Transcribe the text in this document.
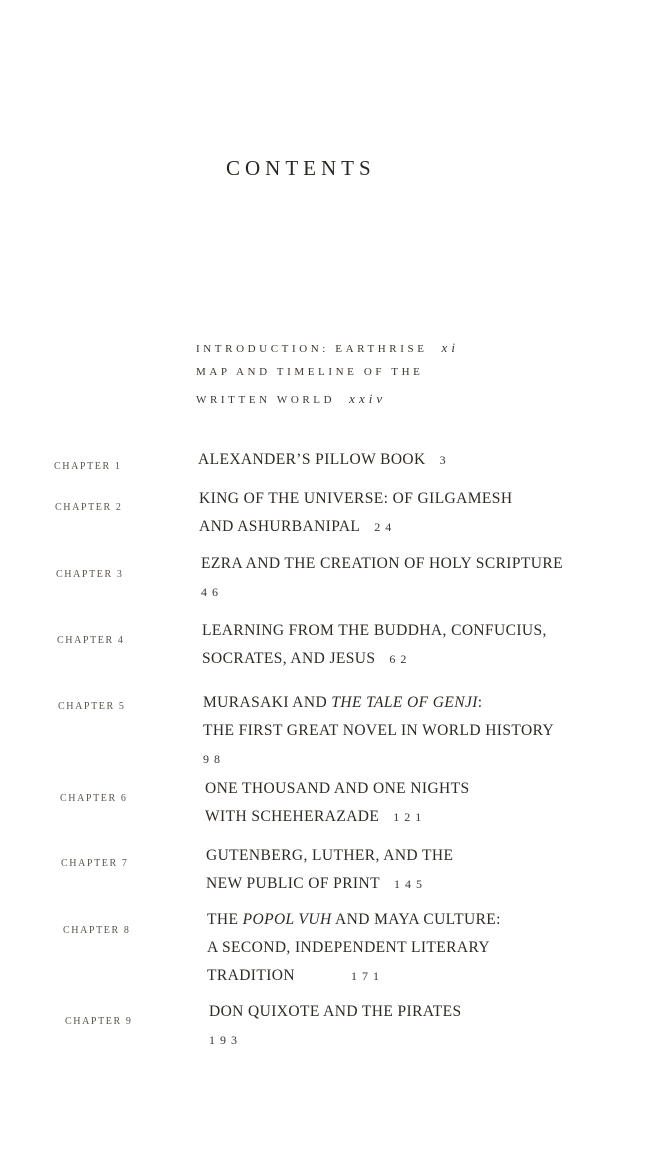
CONTENTS
INTRODUCTION: EARTHRISE xi
MAP AND TIMELINE OF THE
WRITTEN WORLD xxiv
CHAPTER 1	ALEXANDER’S PILLOW BOOK 3
CHAPTER 2
KING OF THE UNIVERSE: OF GILGAMESH
AND ASHURBANIPAL 24
CHAPTER 3
EZRA AND THE CREATION OF HOLY SCRIPTURE
46
CHAPTER 4
LEARNING FROM THE BUDDHA, CONFUCIUS,
SOCRATES, AND JESUS 62
CHAPTER 5	MURASAKI AND THE TALE OF GENJI:
THE FIRST GREAT NOVEL IN WORLD HISTORY
98
CHAPTER 6
ONE THOUSAND AND ONE NIGHTS
WITH SCHEHERAZADE 121
CHAPTER 7	GUTENBERG, LUTHER, AND THE
NEW PUBLIC OF PRINT 145
CHAPTER 8
THE POPOL VUH AND MAYA CULTURE:
A SECOND, INDEPENDENT LITERARY
TRADITION	171
CHAPTER 9
DON QUIXOTE AND THE PIRATES
193
